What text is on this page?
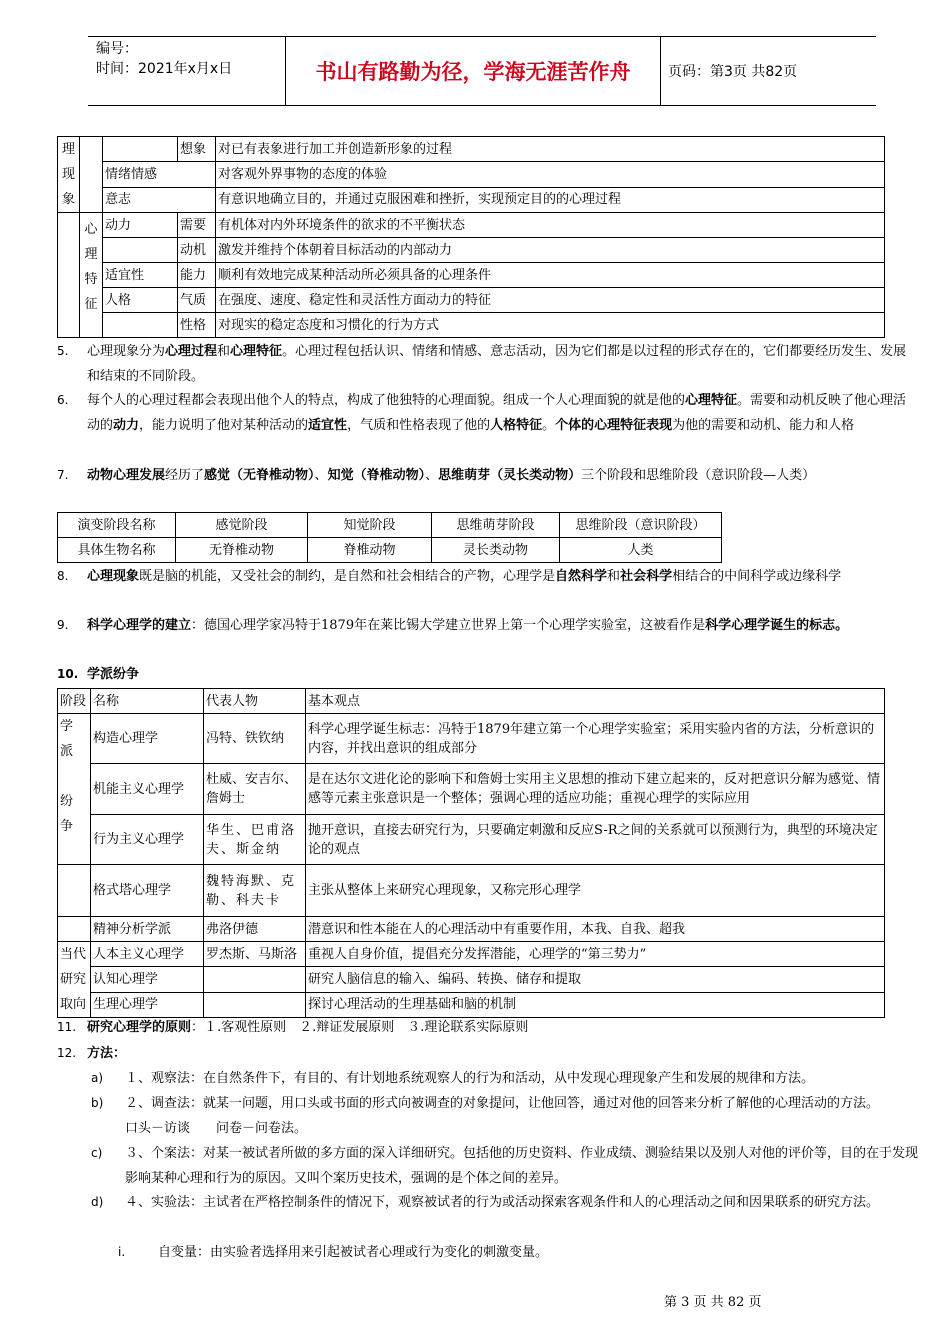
编号：
时间：2021年x月x日	书山有路勤为径，学海无涯苦作舟	页码：第3页 共82页
理
现
象			想象	对已有表象进行加工并创造新形象的过程
		情绪情感		对客观外界事物的态度的体验
		意志		有意识地确立目的，并通过克服困难和挫折，实现预定目的的心理过程

	心
理
特
征	动力	需要	有机体对内外环境条件的欲求的不平衡状态
			动机	激发并维持个体朝着目标活动的内部动力
		适宜性	能力	顺利有效地完成某种活动所必须具备的心理条件
		人格	气质	在强度、速度、稳定性和灵活性方面动力的特征
			性格	对现实的稳定态度和习惯化的行为方式
5. 心理现象分为心理过程和心理特征。心理过程包括认识、情绪和情感、意志活动，因为它们都是以过程的形式存在的，它们都要经历发生、发展和结束的不同阶段。
6. 每个人的心理过程都会表现出他个人的特点，构成了他独特的心理面貌。组成一个人心理面貌的就是他的心理特征。需要和动机反映了他心理活动的动力，能力说明了他对某种活动的适宜性，气质和性格表现了他的人格特征。个体的心理特征表现为他的需要和动机、能力和人格
7. 动物心理发展经历了感觉（无脊椎动物）、知觉（脊椎动物）、思维萌芽（灵长类动物）三个阶段和思维阶段（意识阶段—人类）
演变阶段名称	感觉阶段	知觉阶段	思维萌芽阶段	思维阶段（意识阶段）
具体生物名称	无脊椎动物	脊椎动物	灵长类动物	人类
8. 心理现象既是脑的机能，又受社会的制约，是自然和社会相结合的产物，心理学是自然科学和社会科学相结合的中间科学或边缘科学
9. 科学心理学的建立：德国心理学家冯特于1879年在莱比锡大学建立世界上第一个心理学实验室，这被看作是科学心理学诞生的标志。
10. 学派纷争
阶段	名称	代表人物	基本观点

学
派
纷
争	构造心理学	冯特、铁钦纳	科学心理学诞生标志：冯特于1879年建立第一个心理学实验室；采用实验内省的方法，分析意识的内容，并找出意识的组成部分
	机能主义心理学	杜威、安吉尔、詹姆士	是在达尔文进化论的影响下和詹姆士实用主义思想的推动下建立起来的，反对把意识分解为感觉、情感等元素主张意识是一个整体；强调心理的适应功能；重视心理学的实际应用
	行为主义心理学	华生、巴甫洛夫、斯金纳	抛开意识，直接去研究行为，只要确定刺激和反应S-R之间的关系就可以预测行为，典型的环境决定论的观点
	格式塔心理学	魏特海默、克勒、科夫卡	主张从整体上来研究心理现象，又称完形心理学
	精神分析学派	弗洛伊德	潜意识和性本能在人的心理活动中有重要作用，本我、自我、超我

当代
研究
取向	人本主义心理学	罗杰斯、马斯洛	重视人自身价值，提倡充分发挥潜能，心理学的“第三势力”
	认知心理学		研究人脑信息的输入、编码、转换、储存和提取
	生理心理学		探讨心理活动的生理基础和脑的机制
11. 研究心理学的原则：１.客观性原则　２.辩证发展原则　３.理论联系实际原则
12. 方法：
a) １、观察法：在自然条件下，有目的、有计划地系统观察人的行为和活动，从中发现心理现象产生和发展的规律和方法。
b) ２、调查法：就某一问题，用口头或书面的形式向被调查的对象提问，让他回答，通过对他的回答来分析了解他的心理活动的方法。　　口头－访谈　　问卷－问卷法。
c) ３、个案法：对某一被试者所做的多方面的深入详细研究。包括他的历史资料、作业成绩、测验结果以及别人对他的评价等，目的在于发现影响某种心理和行为的原因。又叫个案历史技术，强调的是个体之间的差异。
d) ４、实验法：主试者在严格控制条件的情况下，观察被试者的行为或活动探索客观条件和人的心理活动之间和因果联系的研究方法。
i.	自变量：由实验者选择用来引起被试者心理或行为变化的刺激变量。
第 3 页 共 82 页
